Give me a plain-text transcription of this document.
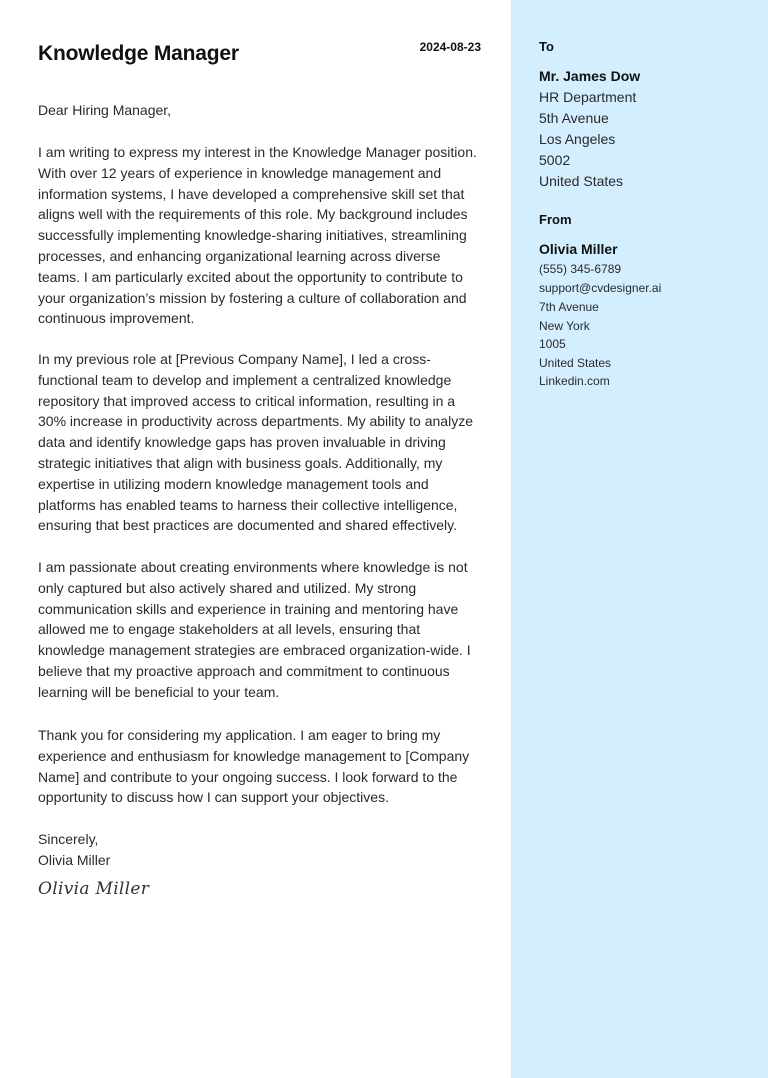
Knowledge Manager	2024-08-23

Dear Hiring Manager,

I am writing to express my interest in the Knowledge Manager position. With over 12 years of experience in knowledge management and information systems, I have developed a comprehensive skill set that aligns well with the requirements of this role. My background includes successfully implementing knowledge-sharing initiatives, streamlining processes, and enhancing organizational learning across diverse teams. I am particularly excited about the opportunity to contribute to your organization’s mission by fostering a culture of collaboration and continuous improvement.

In my previous role at [Previous Company Name], I led a cross-functional team to develop and implement a centralized knowledge repository that improved access to critical information, resulting in a 30% increase in productivity across departments. My ability to analyze data and identify knowledge gaps has proven invaluable in driving strategic initiatives that align with business goals. Additionally, my expertise in utilizing modern knowledge management tools and platforms has enabled teams to harness their collective intelligence, ensuring that best practices are documented and shared effectively.

I am passionate about creating environments where knowledge is not only captured but also actively shared and utilized. My strong communication skills and experience in training and mentoring have allowed me to engage stakeholders at all levels, ensuring that knowledge management strategies are embraced organization-wide. I believe that my proactive approach and commitment to continuous learning will be beneficial to your team.

Thank you for considering my application. I am eager to bring my experience and enthusiasm for knowledge management to [Company Name] and contribute to your ongoing success. I look forward to the opportunity to discuss how I can support your objectives.

Sincerely,

Olivia Miller

Olivia Miller
To
Mr. James Dow
HR Department
5th Avenue
Los Angeles
5002
United States
From
Olivia Miller
(555) 345-6789
support@cvdesigner.ai
7th Avenue
New York
1005
United States
Linkedin.com
